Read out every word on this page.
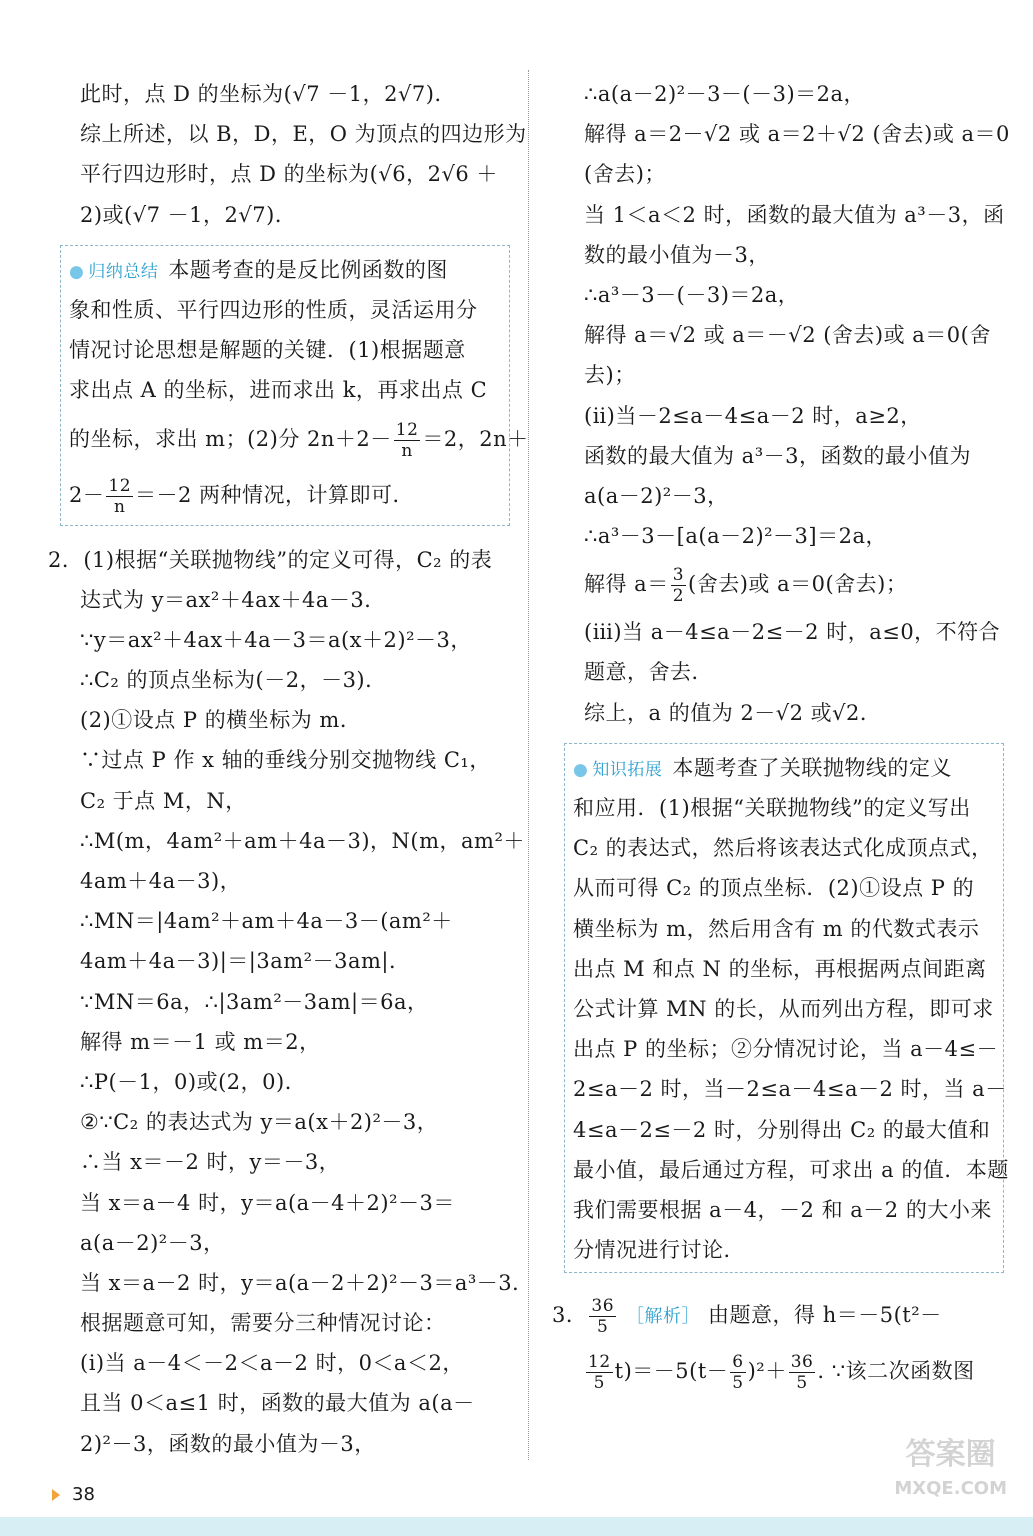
此时，点 D 的坐标为(√7 －1，2√7)．
综上所述，以 B，D，E，O 为顶点的四边形为
平行四边形时，点 D 的坐标为(√6，2√6 ＋
2)或(√7 －1，2√7)．
● 归纳总结 本题考查的是反比例函数的图
象和性质、平行四边形的性质，灵活运用分
情况讨论思想是解题的关键．(1)根据题意
求出点 A 的坐标，进而求出 k，再求出点 C
的坐标，求出 m；(2)分 $2n+2- \frac{12}{n} =2$，2n＋
$2- \frac{12}{n} =-2$ 两种情况，计算即可．
2．(1)根据“关联抛物线”的定义可得，C₂ 的表
达式为 y＝ax²＋4ax＋4a－3．
∵y＝ax²＋4ax＋4a－3＝a(x＋2)²－3，
∴C₂ 的顶点坐标为(－2，－3)．
(2)①设点 P 的横坐标为 m．
∵过点 P 作 x 轴的垂线分别交抛物线 C₁，
C₂ 于点 M，N，
∴M(m，4am²＋am＋4a－3)，N(m，am²＋
4am＋4a－3)，
∴MN＝|4am²＋am＋4a－3－(am²＋
4am＋4a－3)|＝|3am²－3am|．
∵MN＝6a，∴|3am²－3am|＝6a，
解得 m＝－1 或 m＝2，
∴P(－1，0)或(2，0)．
②∵C₂ 的表达式为 y＝a(x＋2)²－3，
∴当 x＝－2 时，y＝－3，
当 x＝a－4 时，y＝a(a－4＋2)²－3＝
a(a－2)²－3，
当 x＝a－2 时，y＝a(a－2＋2)²－3＝a³－3．
根据题意可知，需要分三种情况讨论：
(ⅰ)当 a－4＜－2＜a－2 时，0＜a＜2，
且当 0＜a≤1 时，函数的最大值为 a(a－
2)²－3，函数的最小值为－3，
∴a(a－2)²－3－(－3)＝2a，
解得 a＝2－√2 或 a＝2＋√2 (舍去)或 a＝0
(舍去)；
当 1＜a＜2 时，函数的最大值为 a³－3，函
数的最小值为－3，
∴a³－3－(－3)＝2a，
解得 a＝√2 或 a＝－√2 (舍去)或 a＝0(舍
去)；
(ⅱ)当－2≤a－4≤a－2 时，a≥2，
函数的最大值为 a³－3，函数的最小值为
a(a－2)²－3，
∴a³－3－[a(a－2)²－3]＝2a，
解得 $a= \frac{3}{2}$ (舍去)或 a＝0(舍去)；
(ⅲ)当 a－4≤a－2≤－2 时，a≤0，不符合
题意，舍去．
综上，a 的值为 2－√2 或√2．
● 知识拓展 本题考查了关联抛物线的定义
和应用．(1)根据“关联抛物线”的定义写出
C₂ 的表达式，然后将该表达式化成顶点式，
从而可得 C₂ 的顶点坐标．(2)①设点 P 的
横坐标为 m，然后用含有 m 的代数式表示
出点 M 和点 N 的坐标，再根据两点间距离
公式计算 MN 的长，从而列出方程，即可求
出点 P 的坐标；②分情况讨论，当 a－4≤－
2≤a－2 时，当－2≤a－4≤a－2 时，当 a－
4≤a－2≤－2 时，分别得出 C₂ 的最大值和
最小值，最后通过方程，可求出 a 的值．本题
我们需要根据 a－4，－2 和 a－2 的大小来
分情况进行讨论．
3． $\frac{36}{5}$ ［解析］ 由题意，得 h＝－5(t²－
$\frac{12}{5} t)=-5(t- \frac{6}{5} )^2+ \frac{36}{5}$ . ∵该二次函数图
38
答案圈
MXQE.COM
